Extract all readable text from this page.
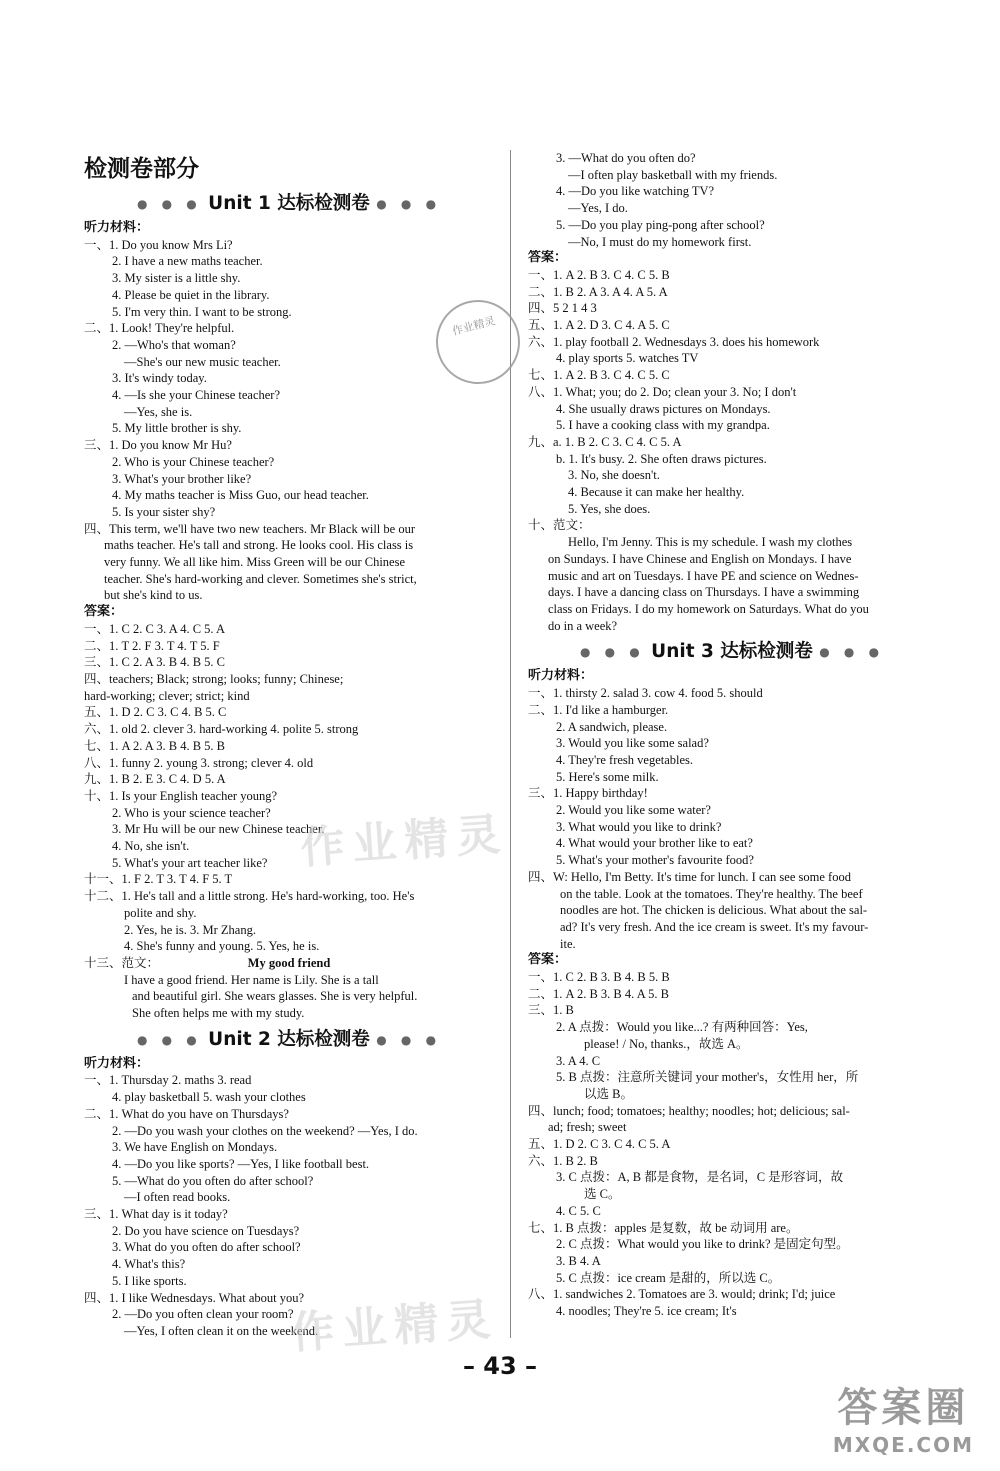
检测卷部分
● ● ● Unit 1 达标检测卷 ● ● ●
听力材料：
一、1. Do you know Mrs Li?
2. I have a new maths teacher.
3. My sister is a little shy.
4. Please be quiet in the library.
5. I'm very thin. I want to be strong.
二、1. Look! They're helpful.
2. —Who's that woman?
—She's our new music teacher.
3. It's windy today.
4. —Is she your Chinese teacher?
—Yes, she is.
5. My little brother is shy.
三、1. Do you know Mr Hu?
2. Who is your Chinese teacher?
3. What's your brother like?
4. My maths teacher is Miss Guo, our head teacher.
5. Is your sister shy?
四、This term, we'll have two new teachers. Mr Black will be our
maths teacher. He's tall and strong. He looks cool. His class is
very funny. We all like him. Miss Green will be our Chinese
teacher. She's hard-working and clever. Sometimes she's strict,
but she's kind to us.
答案：
一、1. C 2. C 3. A 4. C 5. A
二、1. T 2. F 3. T 4. T 5. F
三、1. C 2. A 3. B 4. B 5. C
四、teachers; Black; strong; looks; funny; Chinese;
hard-working; clever; strict; kind
五、1. D 2. C 3. C 4. B 5. C
六、1. old 2. clever 3. hard-working 4. polite 5. strong
七、1. A 2. A 3. B 4. B 5. B
八、1. funny 2. young 3. strong; clever 4. old
九、1. B 2. E 3. C 4. D 5. A
十、1. Is your English teacher young?
2. Who is your science teacher?
3. Mr Hu will be our new Chinese teacher.
4. No, she isn't.
5. What's your art teacher like?
十一、1. F 2. T 3. T 4. F 5. T
十二、1. He's tall and a little strong. He's hard-working, too. He's
polite and shy.
2. Yes, he is. 3. Mr Zhang.
4. She's funny and young. 5. Yes, he is.
十三、范文：	My good friend
I have a good friend. Her name is Lily. She is a tall
and beautiful girl. She wears glasses. She is very helpful.
She often helps me with my study.
● ● ● Unit 2 达标检测卷 ● ● ●
听力材料：
一、1. Thursday 2. maths 3. read
4. play basketball 5. wash your clothes
二、1. What do you have on Thursdays?
2. —Do you wash your clothes on the weekend? —Yes, I do.
3. We have English on Mondays.
4. —Do you like sports? —Yes, I like football best.
5. —What do you often do after school?
—I often read books.
三、1. What day is it today?
2. Do you have science on Tuesdays?
3. What do you often do after school?
4. What's this?
5. I like sports.
四、1. I like Wednesdays. What about you?
2. —Do you often clean your room?
—Yes, I often clean it on the weekend.
3. —What do you often do?
—I often play basketball with my friends.
4. —Do you like watching TV?
—Yes, I do.
5. —Do you play ping-pong after school?
—No, I must do my homework first.
答案：
一、1. A 2. B 3. C 4. C 5. B
二、1. B 2. A 3. A 4. A 5. A
四、5 2 1 4 3
五、1. A 2. D 3. C 4. A 5. C
六、1. play football 2. Wednesdays 3. does his homework
4. play sports 5. watches TV
七、1. A 2. B 3. C 4. C 5. C
八、1. What; you; do 2. Do; clean your 3. No; I don't
4. She usually draws pictures on Mondays.
5. I have a cooking class with my grandpa.
九、a. 1. B 2. C 3. C 4. C 5. A
b. 1. It's busy. 2. She often draws pictures.
3. No, she doesn't.
4. Because it can make her healthy.
5. Yes, she does.
十、范文：
Hello, I'm Jenny. This is my schedule. I wash my clothes
on Sundays. I have Chinese and English on Mondays. I have
music and art on Tuesdays. I have PE and science on Wednes-
days. I have a dancing class on Thursdays. I have a swimming
class on Fridays. I do my homework on Saturdays. What do you
do in a week?
● ● ● Unit 3 达标检测卷 ● ● ●
听力材料：
一、1. thirsty 2. salad 3. cow 4. food 5. should
二、1. I'd like a hamburger.
2. A sandwich, please.
3. Would you like some salad?
4. They're fresh vegetables.
5. Here's some milk.
三、1. Happy birthday!
2. Would you like some water?
3. What would you like to drink?
4. What would your brother like to eat?
5. What's your mother's favourite food?
四、W: Hello, I'm Betty. It's time for lunch. I can see some food
on the table. Look at the tomatoes. They're healthy. The beef
noodles are hot. The chicken is delicious. What about the sal-
ad? It's very fresh. And the ice cream is sweet. It's my favour-
ite.
答案：
一、1. C 2. B 3. B 4. B 5. B
二、1. A 2. B 3. B 4. A 5. B
三、1. B
2. A 点拨：Would you like...? 有两种回答：Yes,
please! / No, thanks.，故选 A。
3. A 4. C
5. B 点拨：注意所关键词 your mother's，女性用 her，所
以选 B。
四、lunch; food; tomatoes; healthy; noodles; hot; delicious; sal-
ad; fresh; sweet
五、1. D 2. C 3. C 4. C 5. A
六、1. B 2. B
3. C 点拨：A, B 都是食物，是名词，C 是形容词，故
选 C。
4. C 5. C
七、1. B 点拨：apples 是复数，故 be 动词用 are。
2. C 点拨：What would you like to drink? 是固定句型。
3. B 4. A
5. C 点拨：ice cream 是甜的，所以选 C。
八、1. sandwiches 2. Tomatoes are 3. would; drink; I'd; juice
4. noodles; They're 5. ice cream; It's
作业精灵
作业精灵
作业精灵
– 43 –
答案圈
MXQE.COM
